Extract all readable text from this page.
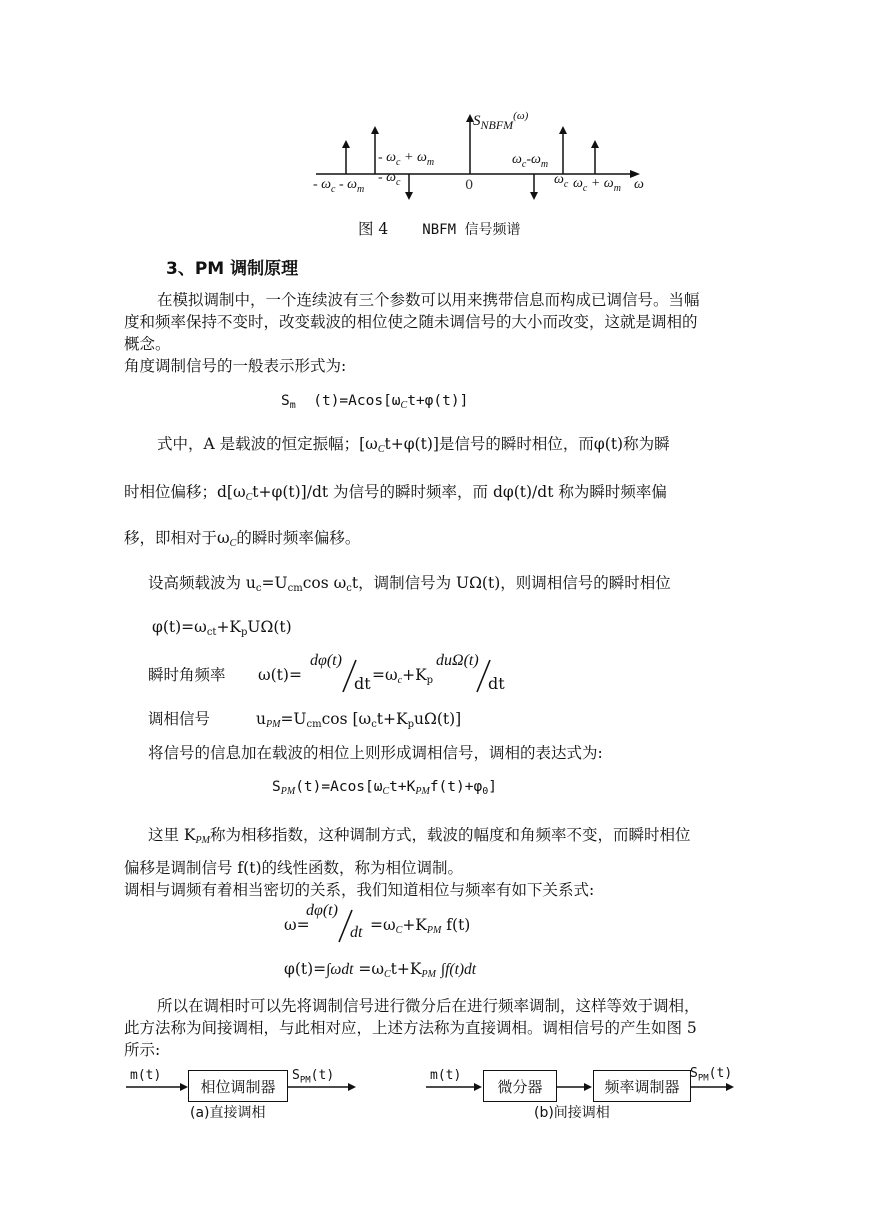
$S_{NBFM}^{(\omega)}$
- $\omega_c + \omega_m$
- $\omega_c - \omega_m$
- $\omega_c$	0
$\omega_c-\omega_m$
$\omega_c$ $\omega_c + \omega_m$ ω
图 4 NBFM 信号频谱
3、PM 调制原理
在模拟调制中，一个连续波有三个参数可以用来携带信息而构成已调信号。当幅
度和频率保持不变时，改变载波的相位使之随未调信号的大小而改变，这就是调相的
概念。
角度调制信号的一般表示形式为:
$S_m$ $(t)=Acos[\omega_Ct+\varphi(t)]$
式中，A 是载波的恒定振幅；$[\omega_Ct+\varphi(t)]$是信号的瞬时相位，而φ(t)称为瞬
时相位偏移；$d[\omega_Ct+\varphi(t)]/dt$ 为信号的瞬时频率，而 dφ(t)/dt 称为瞬时频率偏
移，即相对于$\omega_C$的瞬时频率偏移。
设高频载波为 $u_c=U_{cm}\cos$ $\omega_ct$，调制信号为 UΩ(t)，则调相信号的瞬时相位
$\varphi(t)=\omega_{ct}+K_pU\Omega(t)$
瞬时角频率 ω(t)=
dφ(t)
dt $=\omega_c+K_p$
duΩ(t)
dt
调相信号	$u_{PM}=U_{cm}\cos$ $[\omega_ct+K_pu\Omega(t)]$
将信号的信息加在载波的相位上则形成调相信号，调相的表达式为:
$S_{PM}(t)=Acos[\omega_Ct+K_{PM}f(t)+\varphi_0]$
这里 $K_{PM}$称为相移指数，这种调制方式，载波的幅度和角频率不变，而瞬时相位
偏移是调制信号 f(t)的线性函数，称为相位调制。
调相与调频有着相当密切的关系，我们知道相位与频率有如下关系式:
ω=
dφ(t)
dt $=\omega_C+K_{PM}$ f(t)
$\varphi(t)=\int\omega dt =\omega_Ct+K_{PM}$ ∫f(t)dt
所以在调相时可以先将调制信号进行微分后在进行频率调制，这样等效于调相，
此方法称为间接调相，与此相对应，上述方法称为直接调相。调相信号的产生如图 5
所示:
m(t)
相位调制器
$S_{PM}(t)$
(a)直接调相
m(t)
微分器	频率调制器
$S_{PM}(t)$
(b)间接调相
